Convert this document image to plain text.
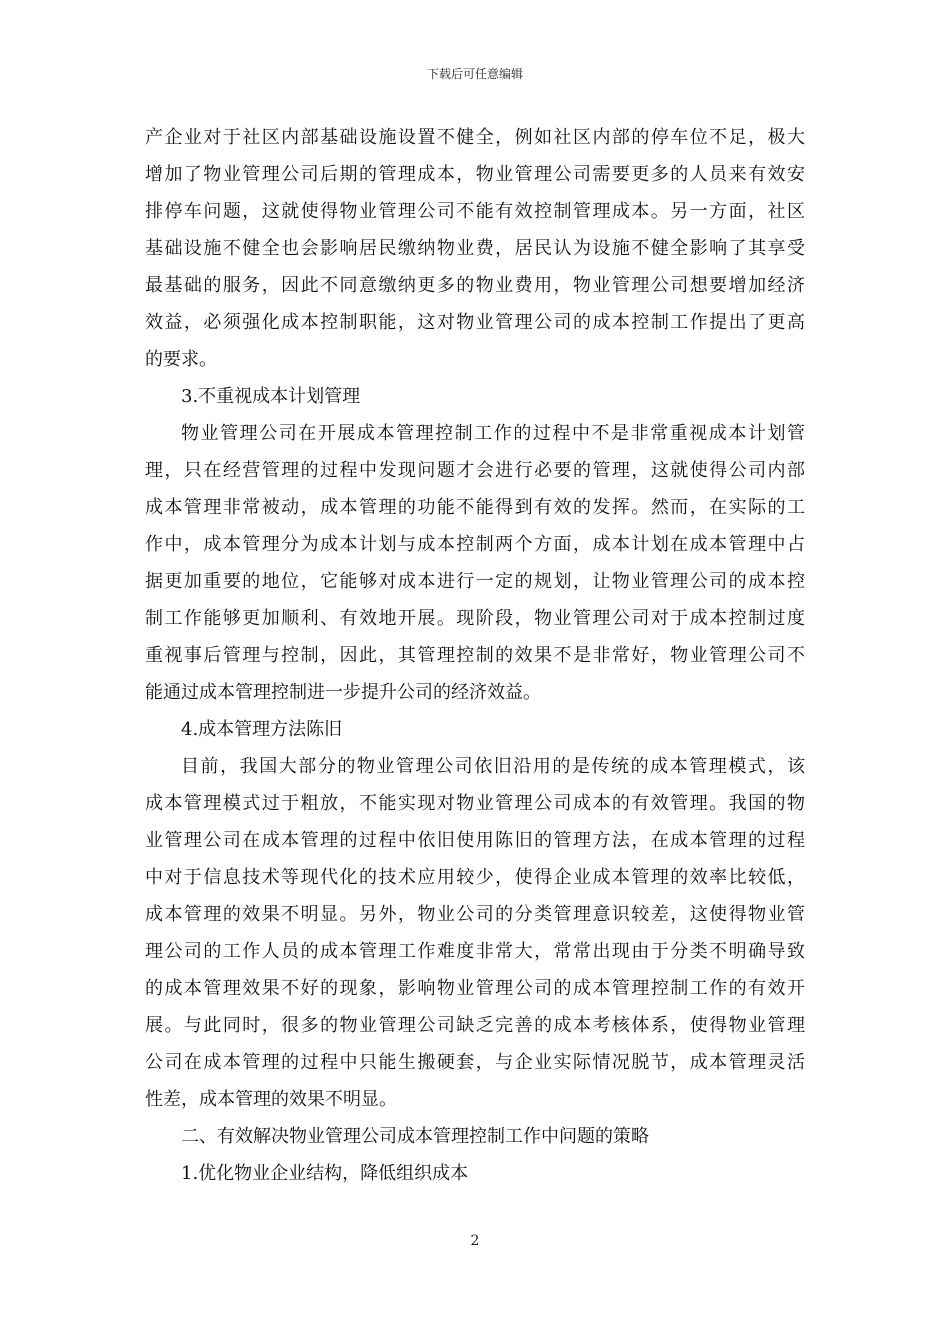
下载后可任意编辑
产企业对于社区内部基础设施设置不健全，例如社区内部的停车位不足，极大
增加了物业管理公司后期的管理成本，物业管理公司需要更多的人员来有效安
排停车问题，这就使得物业管理公司不能有效控制管理成本。另一方面，社区
基础设施不健全也会影响居民缴纳物业费，居民认为设施不健全影响了其享受
最基础的服务，因此不同意缴纳更多的物业费用，物业管理公司想要增加经济
效益，必须强化成本控制职能，这对物业管理公司的成本控制工作提出了更高
的要求。
3.不重视成本计划管理
物业管理公司在开展成本管理控制工作的过程中不是非常重视成本计划管
理，只在经营管理的过程中发现问题才会进行必要的管理，这就使得公司内部
成本管理非常被动，成本管理的功能不能得到有效的发挥。然而，在实际的工
作中，成本管理分为成本计划与成本控制两个方面，成本计划在成本管理中占
据更加重要的地位，它能够对成本进行一定的规划，让物业管理公司的成本控
制工作能够更加顺利、有效地开展。现阶段，物业管理公司对于成本控制过度
重视事后管理与控制，因此，其管理控制的效果不是非常好，物业管理公司不
能通过成本管理控制进一步提升公司的经济效益。
4.成本管理方法陈旧
目前，我国大部分的物业管理公司依旧沿用的是传统的成本管理模式，该
成本管理模式过于粗放，不能实现对物业管理公司成本的有效管理。我国的物
业管理公司在成本管理的过程中依旧使用陈旧的管理方法，在成本管理的过程
中对于信息技术等现代化的技术应用较少，使得企业成本管理的效率比较低，
成本管理的效果不明显。另外，物业公司的分类管理意识较差，这使得物业管
理公司的工作人员的成本管理工作难度非常大，常常出现由于分类不明确导致
的成本管理效果不好的现象，影响物业管理公司的成本管理控制工作的有效开
展。与此同时，很多的物业管理公司缺乏完善的成本考核体系，使得物业管理
公司在成本管理的过程中只能生搬硬套，与企业实际情况脱节，成本管理灵活
性差，成本管理的效果不明显。
二、有效解决物业管理公司成本管理控制工作中问题的策略
1.优化物业企业结构，降低组织成本
2
